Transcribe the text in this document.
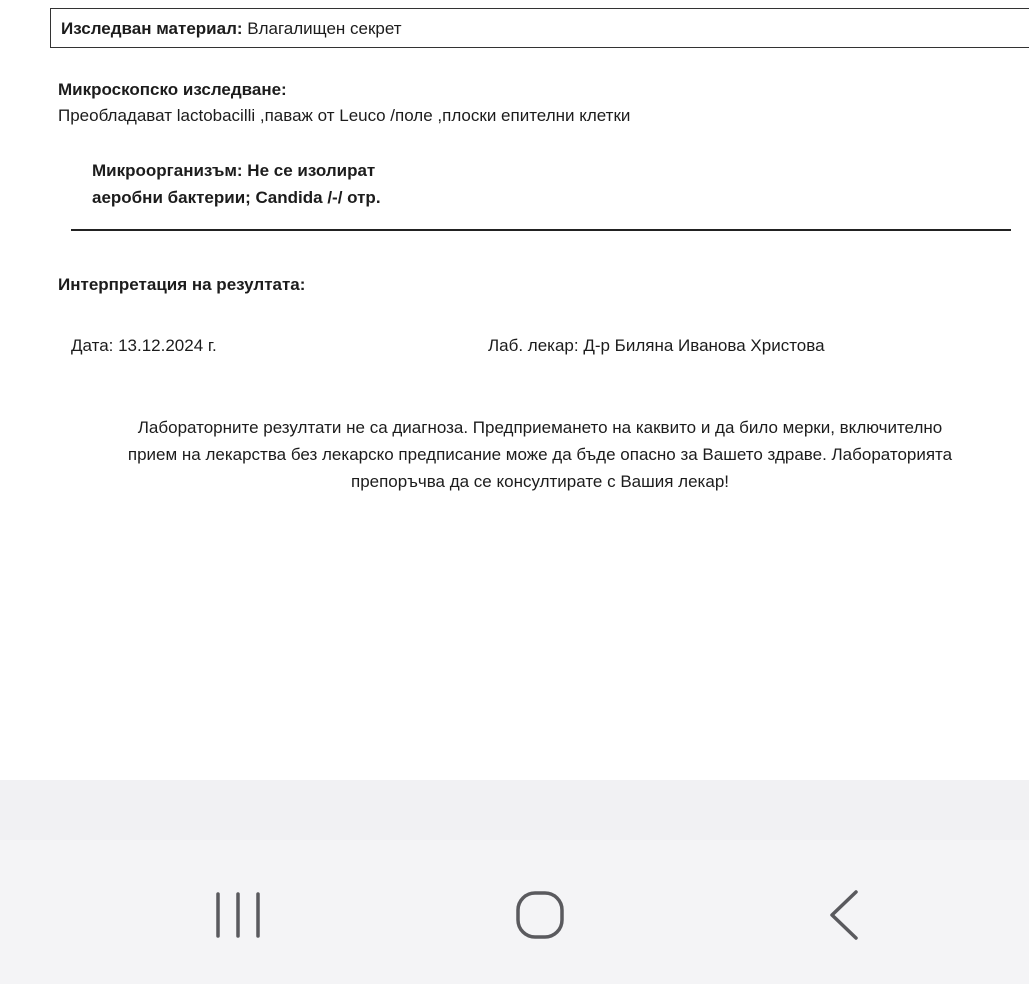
Изследван материал: Влагалищен секрет
Микроскопско изследване:
Преобладават lactobacilli ,паваж от Leuco /поле ,плоски епителни клетки
Микроорганизъм: Не се изолират
аеробни бактерии; Candida /-/ отр.
Интерпретация на резултата:
Дата: 13.12.2024 г.	Лаб. лекар: Д-р Биляна Иванова Христова
Лабораторните резултати не са диагноза. Предприемането на каквито и да било мерки, включително
прием на лекарства без лекарско предписание може да бъде опасно за Вашето здраве. Лабораторията
препоръчва да се консултирате с Вашия лекар!
